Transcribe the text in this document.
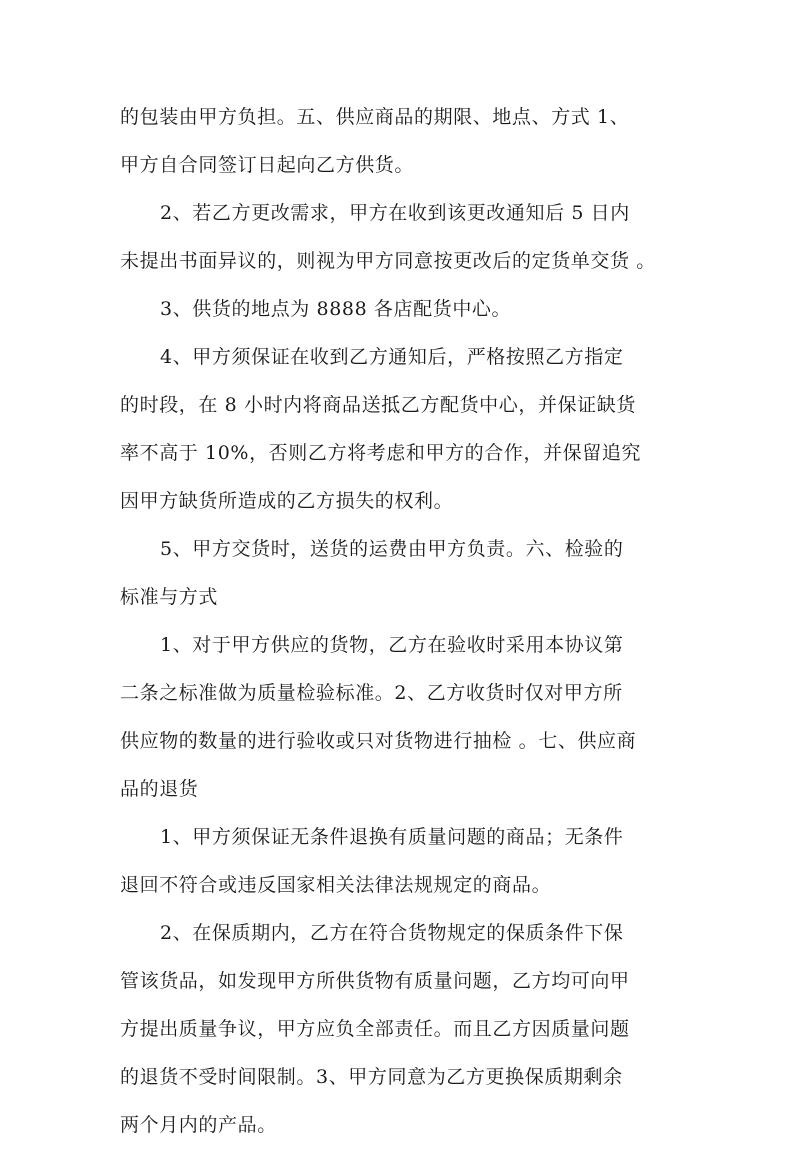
的包装由甲方负担。五、供应商品的期限、地点、方式 1、
甲方自合同签订日起向乙方供货。
2、若乙方更改需求，甲方在收到该更改通知后 5 日内
未提出书面异议的，则视为甲方同意按更改后的定货单交货 。
3、供货的地点为 8888 各店配货中心。
4、甲方须保证在收到乙方通知后，严格按照乙方指定
的时段，在 8 小时内将商品送抵乙方配货中心，并保证缺货
率不高于 10%，否则乙方将考虑和甲方的合作，并保留追究
因甲方缺货所造成的乙方损失的权利。
5、甲方交货时，送货的运费由甲方负责。六、检验的
标准与方式
1、对于甲方供应的货物，乙方在验收时采用本协议第
二条之标准做为质量检验标准。2、乙方收货时仅对甲方所
供应物的数量的进行验收或只对货物进行抽检 。七、供应商
品的退货
1、甲方须保证无条件退换有质量问题的商品；无条件
退回不符合或违反国家相关法律法规规定的商品。
2、在保质期内，乙方在符合货物规定的保质条件下保
管该货品，如发现甲方所供货物有质量问题，乙方均可向甲
方提出质量争议，甲方应负全部责任。而且乙方因质量问题
的退货不受时间限制。3、甲方同意为乙方更换保质期剩余
两个月内的产品。
